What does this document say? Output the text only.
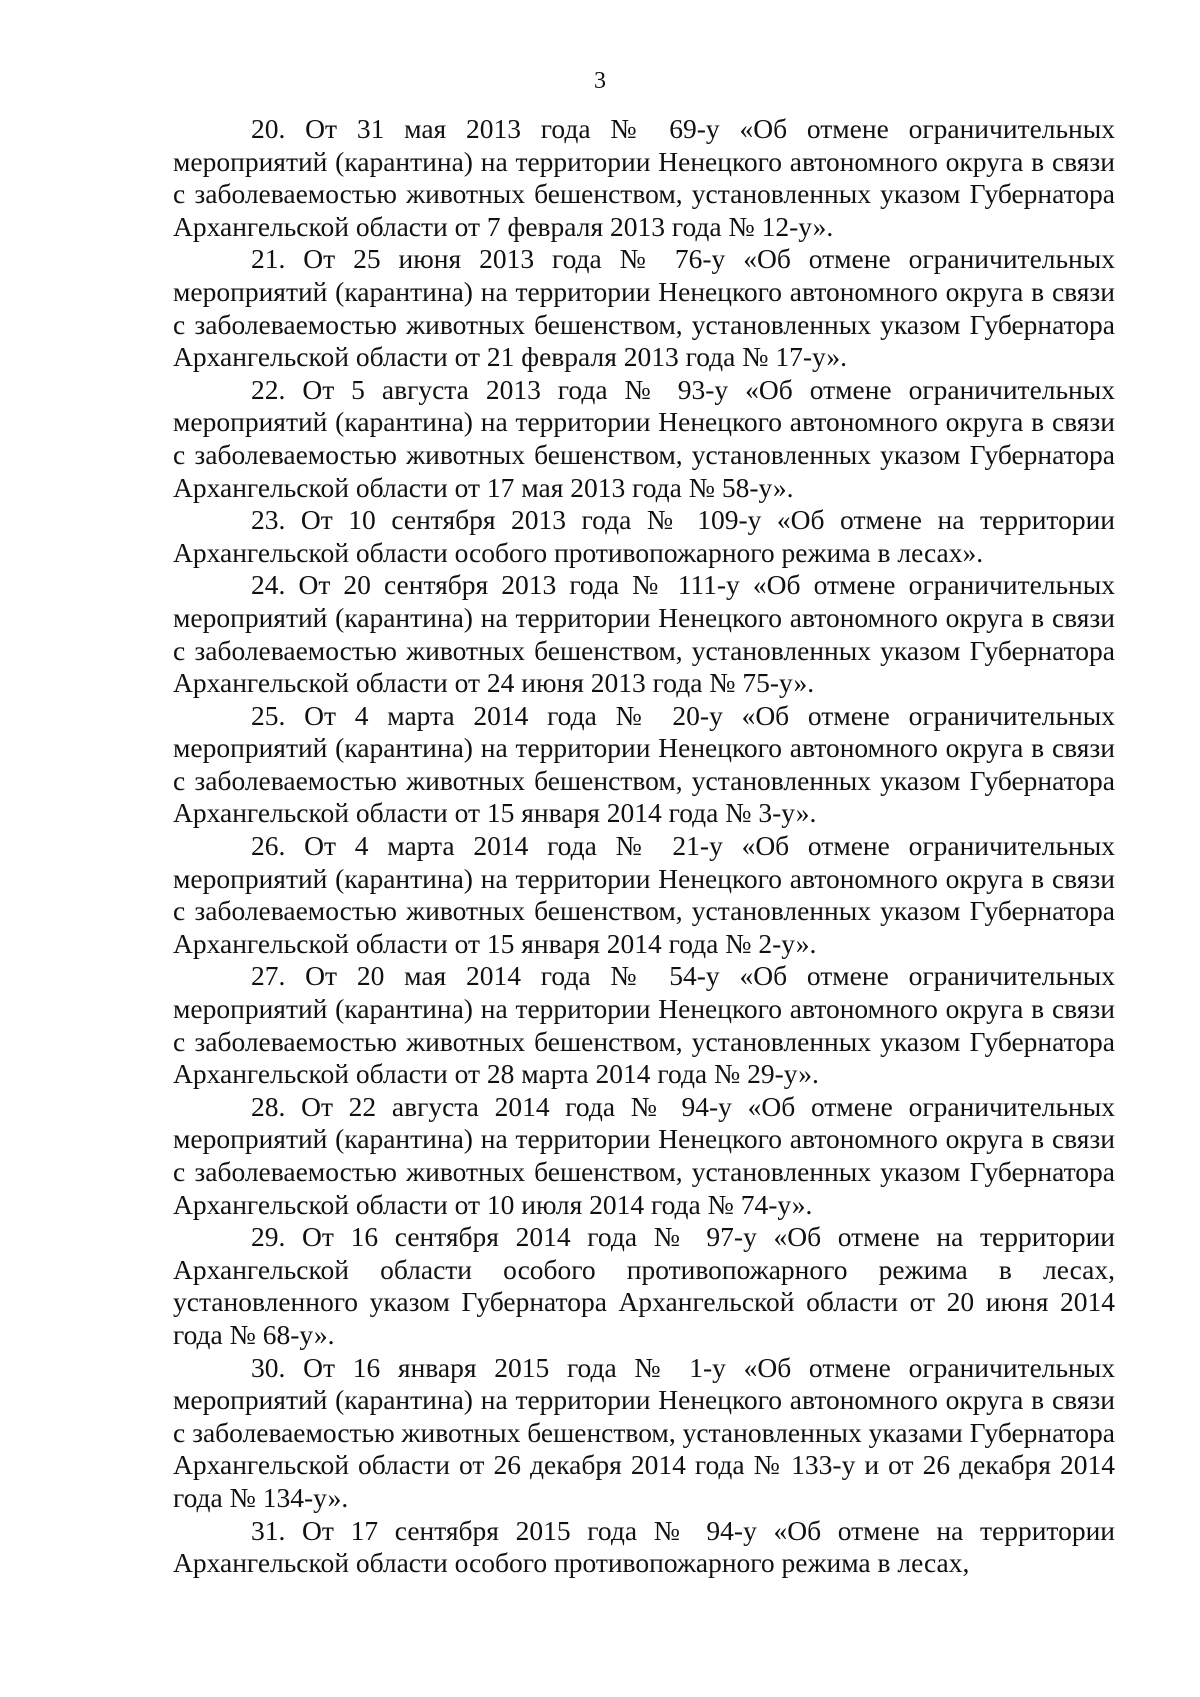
3

20. От 31 мая 2013 года № 69-у «Об отмене ограничительных мероприятий (карантина) на территории Ненецкого автономного округа в связи с заболеваемостью животных бешенством, установленных указом Губернатора Архангельской области от 7 февраля 2013 года № 12-у».

21. От 25 июня 2013 года № 76-у «Об отмене ограничительных мероприятий (карантина) на территории Ненецкого автономного округа в связи с заболеваемостью животных бешенством, установленных указом Губернатора Архангельской области от 21 февраля 2013 года № 17-у».

22. От 5 августа 2013 года № 93-у «Об отмене ограничительных мероприятий (карантина) на территории Ненецкого автономного округа в связи с заболеваемостью животных бешенством, установленных указом Губернатора Архангельской области от 17 мая 2013 года № 58-у».

23. От 10 сентября 2013 года № 109-у «Об отмене на территории Архангельской области особого противопожарного режима в лесах».

24. От 20 сентября 2013 года № 111-у «Об отмене ограничительных мероприятий (карантина) на территории Ненецкого автономного округа в связи с заболеваемостью животных бешенством, установленных указом Губернатора Архангельской области от 24 июня 2013 года № 75-у».

25. От 4 марта 2014 года № 20-у «Об отмене ограничительных мероприятий (карантина) на территории Ненецкого автономного округа в связи с заболеваемостью животных бешенством, установленных указом Губернатора Архангельской области от 15 января 2014 года № 3-у».

26. От 4 марта 2014 года № 21-у «Об отмене ограничительных мероприятий (карантина) на территории Ненецкого автономного округа в связи с заболеваемостью животных бешенством, установленных указом Губернатора Архангельской области от 15 января 2014 года № 2-у».

27. От 20 мая 2014 года № 54-у «Об отмене ограничительных мероприятий (карантина) на территории Ненецкого автономного округа в связи с заболеваемостью животных бешенством, установленных указом Губернатора Архангельской области от 28 марта 2014 года № 29-у».

28. От 22 августа 2014 года № 94-у «Об отмене ограничительных мероприятий (карантина) на территории Ненецкого автономного округа в связи с заболеваемостью животных бешенством, установленных указом Губернатора Архангельской области от 10 июля 2014 года № 74-у».

29. От 16 сентября 2014 года № 97-у «Об отмене на территории Архангельской области особого противопожарного режима в лесах, установленного указом Губернатора Архангельской области от 20 июня 2014 года № 68-у».

30. От 16 января 2015 года № 1-у «Об отмене ограничительных мероприятий (карантина) на территории Ненецкого автономного округа в связи с заболеваемостью животных бешенством, установленных указами Губернатора Архангельской области от 26 декабря 2014 года № 133-у и от 26 декабря 2014 года № 134-у».

31. От 17 сентября 2015 года № 94-у «Об отмене на территории Архангельской области особого противопожарного режима в лесах,
